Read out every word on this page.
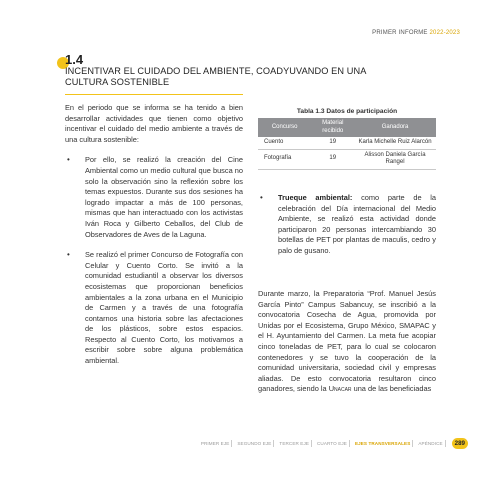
PRIMER INFORME 2022-2023
1.4
INCENTIVAR EL CUIDADO DEL AMBIENTE, COADYUVANDO EN UNA
CULTURA SOSTENIBLE

En el periodo que se informa se ha tenido a bien desarrollar actividades que tienen como objetivo incentivar el cuidado del medio ambiente a través de una cultura sostenible:

• Por ello, se realizó la creación del Cine Ambiental como un medio cultural que busca no solo la observación sino la reflexión sobre los temas expuestos. Durante sus dos sesiones ha logrado impactar a más de 100 personas, mismas que han interactuado con los activistas Iván Roca y Gilberto Ceballos, del Club de Observadores de Aves de la Laguna.
• Se realizó el primer Concurso de Fotografía con Celular y Cuento Corto. Se invitó a la comunidad estudiantil a observar los diversos ecosistemas que proporcionan beneficios ambientales a la zona urbana en el Municipio de Carmen y a través de una fotografía contarnos una historia sobre las afectaciones de los plásticos, sobre estos espacios. Respecto al Cuento Corto, los motivamos a escribir sobre sobre alguna problemática ambiental.
Tabla 1.3 Datos de participación
Concurso	Material recibido	Ganadora
Cuento	19	Karla Michelle Ruiz Alarcón
Fotografía	19	Alisson Daniela García Rangel
• Trueque ambiental: como parte de la celebración del Día internacional del Medio Ambiente, se realizó esta actividad donde participaron 20 personas intercambiando 30 botellas de PET por plantas de maculis, cedro y palo de gusano.
Durante marzo, la Preparatoria “Prof. Manuel Jesús García Pinto” Campus Sabancuy, se inscribió a la convocatoria Cosecha de Agua, promovida por Unidas por el Ecosistema, Grupo México, SMAPAC y el H. Ayuntamiento del Carmen. La meta fue acopiar cinco toneladas de PET, para lo cual se colocaron contenedores y se tuvo la cooperación de la comunidad universitaria, sociedad civil y empresas aliadas. De esto convocatoria resultaron cinco ganadores, siendo la Unacar una de las beneficiadas
PRIMER EJE	SEGUNDO EJE	TERCER EJE	CUARTO EJE	EJES TRANSVERSALES	APÉNDICE	289
